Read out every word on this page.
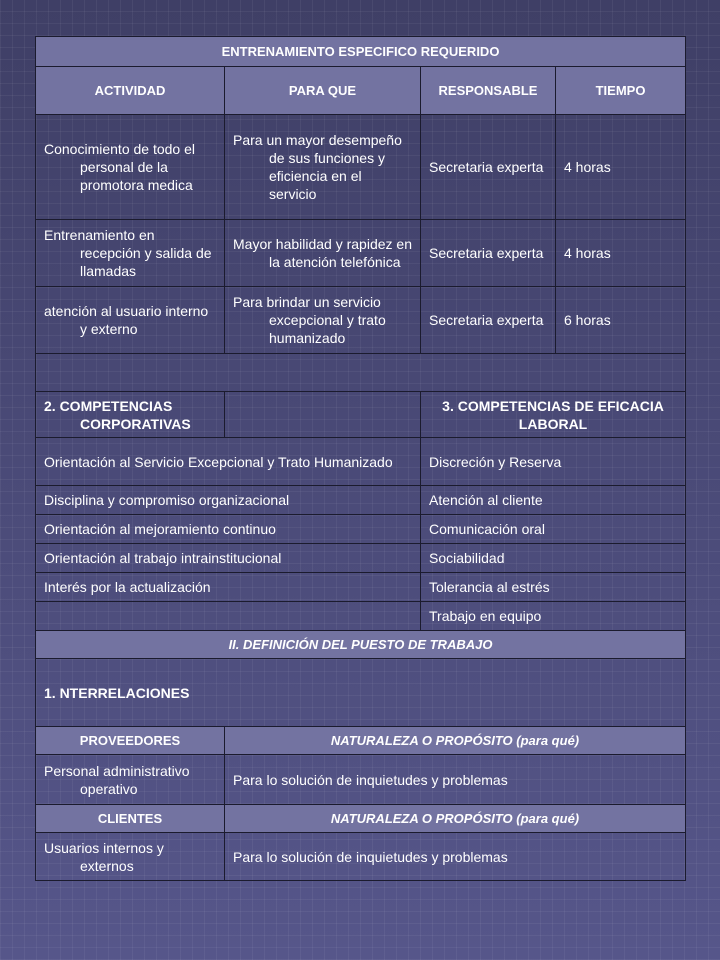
ENTRENAMIENTO ESPECIFICO REQUERIDO			
ACTIVIDAD	PARA QUE	RESPONSABLE	TIEMPO
Conocimiento de todo el personal de la promotora medica	Para un mayor desempeño de sus funciones y eficiencia en el servicio	Secretaria experta	4 horas
Entrenamiento en recepción y salida de llamadas	Mayor habilidad y rapidez en la atención telefónica	Secretaria experta	4 horas
atención al usuario interno y externo	Para brindar un servicio excepcional y trato humanizado	Secretaria experta	6 horas

2. COMPETENCIAS CORPORATIVAS		3. COMPETENCIAS DE EFICACIA LABORAL	
Orientación al Servicio Excepcional y Trato Humanizado		Discreción y Reserva	
Disciplina y compromiso organizacional		Atención al cliente	
Orientación al mejoramiento continuo		Comunicación oral	
Orientación al trabajo intrainstitucional		Sociabilidad	
Interés por la actualización		Tolerancia al estrés	
		Trabajo en equipo	
II. DEFINICIÓN DEL PUESTO DE TRABAJO			
1. NTERRELACIONES			
PROVEEDORES	NATURALEZA O PROPÓSITO (para qué)		
Personal administrativo operativo	Para lo solución de inquietudes y problemas		
CLIENTES	NATURALEZA O PROPÓSITO (para qué)		
Usuarios internos y externos	Para lo solución de inquietudes y problemas		
